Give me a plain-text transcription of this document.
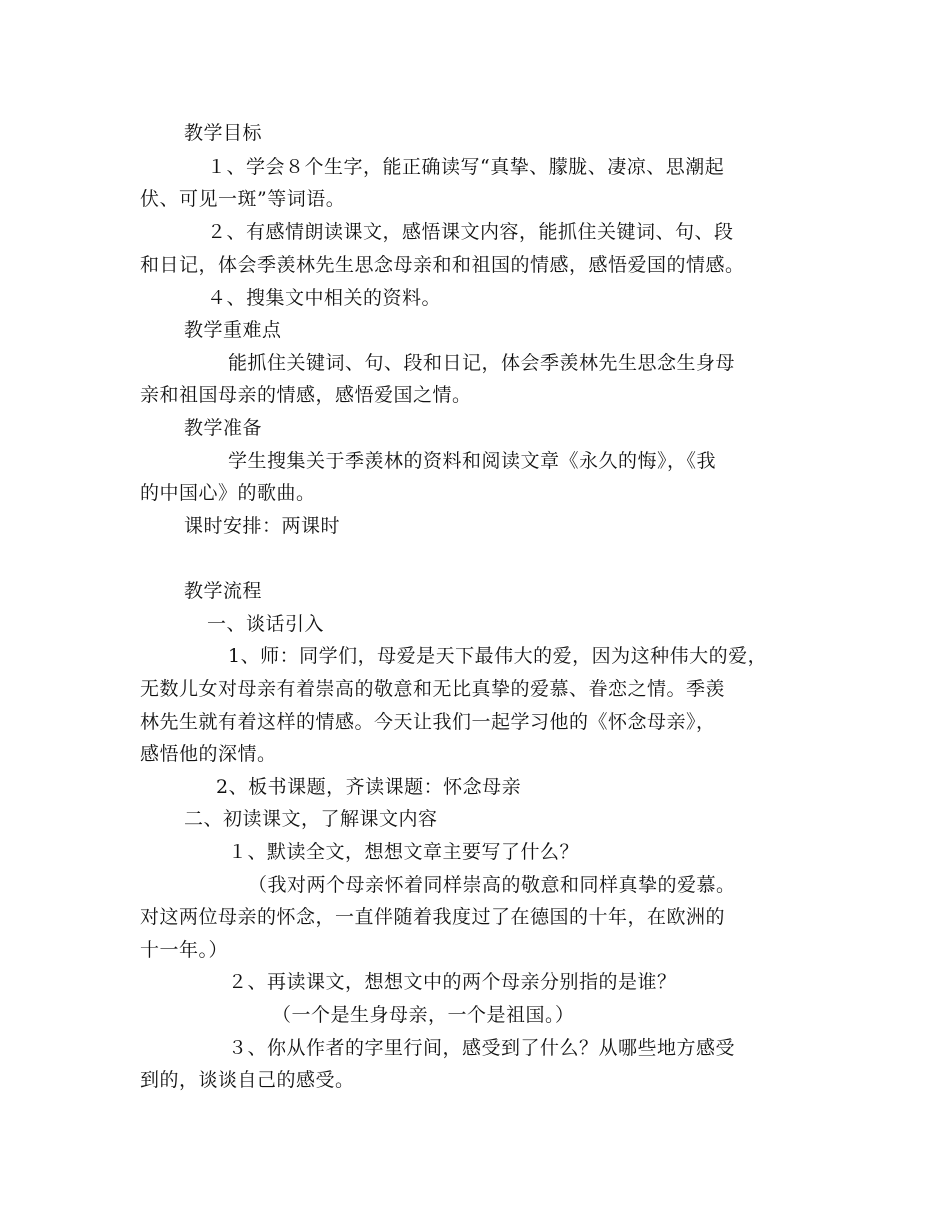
教学目标
１、学会８个生字，能正确读写“真挚、朦胧、凄凉、思潮起
伏、可见一斑”等词语。
２、有感情朗读课文，感悟课文内容，能抓住关键词、句、段
和日记，体会季羡林先生思念母亲和和祖国的情感，感悟爱国的情感。
４、搜集文中相关的资料。
教学重难点
能抓住关键词、句、段和日记，体会季羡林先生思念生身母
亲和祖国母亲的情感，感悟爱国之情。
教学准备
学生搜集关于季羡林的资料和阅读文章《永久的悔》，《我
的中国心》的歌曲。
课时安排：两课时
教学流程
一、谈话引入
1、师：同学们，母爱是天下最伟大的爱，因为这种伟大的爱，
无数儿女对母亲有着崇高的敬意和无比真挚的爱慕、眷恋之情。季羡
林先生就有着这样的情感。今天让我们一起学习他的《怀念母亲》，
感悟他的深情。
2、板书课题，齐读课题：怀念母亲
二、初读课文，了解课文内容
１、默读全文，想想文章主要写了什么？
（我对两个母亲怀着同样崇高的敬意和同样真挚的爱慕。
对这两位母亲的怀念，一直伴随着我度过了在德国的十年，在欧洲的
十一年。）
２、再读课文，想想文中的两个母亲分别指的是谁？
（一个是生身母亲，一个是祖国。）
３、你从作者的字里行间，感受到了什么？从哪些地方感受
到的，谈谈自己的感受。
